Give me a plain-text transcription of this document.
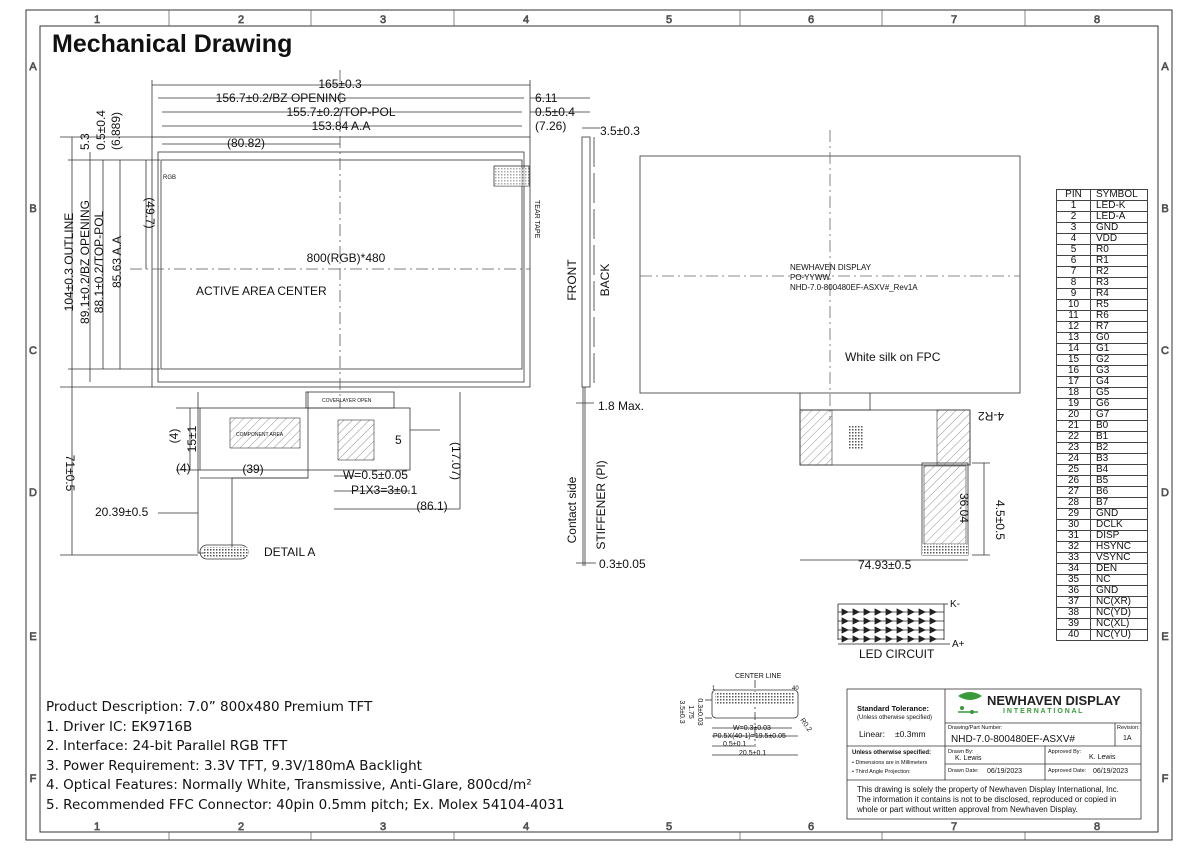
1
1
2
2
3
3
4
4
5
5
6
6
7
7
8
8
A	A
B	B
C	C
D	D
E	E
F	F
165±0.3
156.7±0.2/BZ OPENING
155.7±0.2/TOP-POL
153.84 A.A
6.11
0.5±0.4
(7.26)
(80.82)
5.3 0.5±0.4 (6.889)
104±0.3 OUTLINE 89.1±0.2/BZ OPENING 88.1±0.2/TOP-POL 85.63 A.A
(49.7)
RGB
TEAR TAPE
800(RGB)*480
ACTIVE AREA CENTER
COVERLAYER OPEN
COMPONENT AREA
15±1
(4)
(4)	(39)
5
(17.07)
W=0.5±0.05
P1X3=3±0.1
(86.1)
20.39±0.5
71±0.5
DETAIL A
3.5±0.3
FRONT BACK
1.8 Max.
Contact side STIFFENER (PI)
0.3±0.05
NEWHAVEN DISPLAY
PO-YYWW
NHD-7.0-800480EF-ASXV#_Rev1A
White silk on FPC
4-R2
36.04 4.5±0.5
74.93±0.5
LED CIRCUIT
K-
A+
CENTER LINE
1	40
W=0.3±0.03
P0.5X(40-1)=19.5±0.05
0.5±0.1
20.5±0.1
R0.2
3.5±0.3 1.75 0.3±0.03
Mechanical Drawing
Product Description: 7.0” 800x480 Premium TFT
1. Driver IC: EK9716B
2. Interface: 24-bit Parallel RGB TFT
3. Power Requirement: 3.3V TFT, 9.3V/180mA Backlight
4. Optical Features: Normally White, Transmissive, Anti-Glare, 800cd/m²
5. Recommended FFC Connector: 40pin 0.5mm pitch; Ex. Molex 54104-4031
PIN	SYMBOL
1	LED-K
2	LED-A
3	GND
4	VDD
5	R0
6	R1
7	R2
8	R3
9	R4
10	R5
11	R6
12	R7
13	G0
14	G1
15	G2
16	G3
17	G4
18	G5
19	G6
20	G7
21	B0
22	B1
23	B2
24	B3
25	B4
26	B5
27	B6
28	B7
29	GND
30	DCLK
31	DISP
32	HSYNC
33	VSYNC
34	DEN
35	NC
36	GND
37	NC(XR)
38	NC(YD)
39	NC(XL)
40	NC(YU)
Standard Tolerance:
(Unless otherwise specified)
Linear: ±0.3mm
Unless otherwise specified:
• Dimensions are in Millimeters
• Third Angle Projection:
NEWHAVEN DISPLAY
I N T E R N A T I O N A L
Drawing/Part Number:
NHD-7.0-800480EF-ASXV#
Revision:
1A
Drawn By:
K. Lewis
Approved By:
K. Lewis
Drawn Date: 06/19/2023	Approved Date: 06/19/2023
This drawing is solely the property of Newhaven Display International, Inc.
The information it contains is not to be disclosed, reproduced or copied in
whole or part without written approval from Newhaven Display.
